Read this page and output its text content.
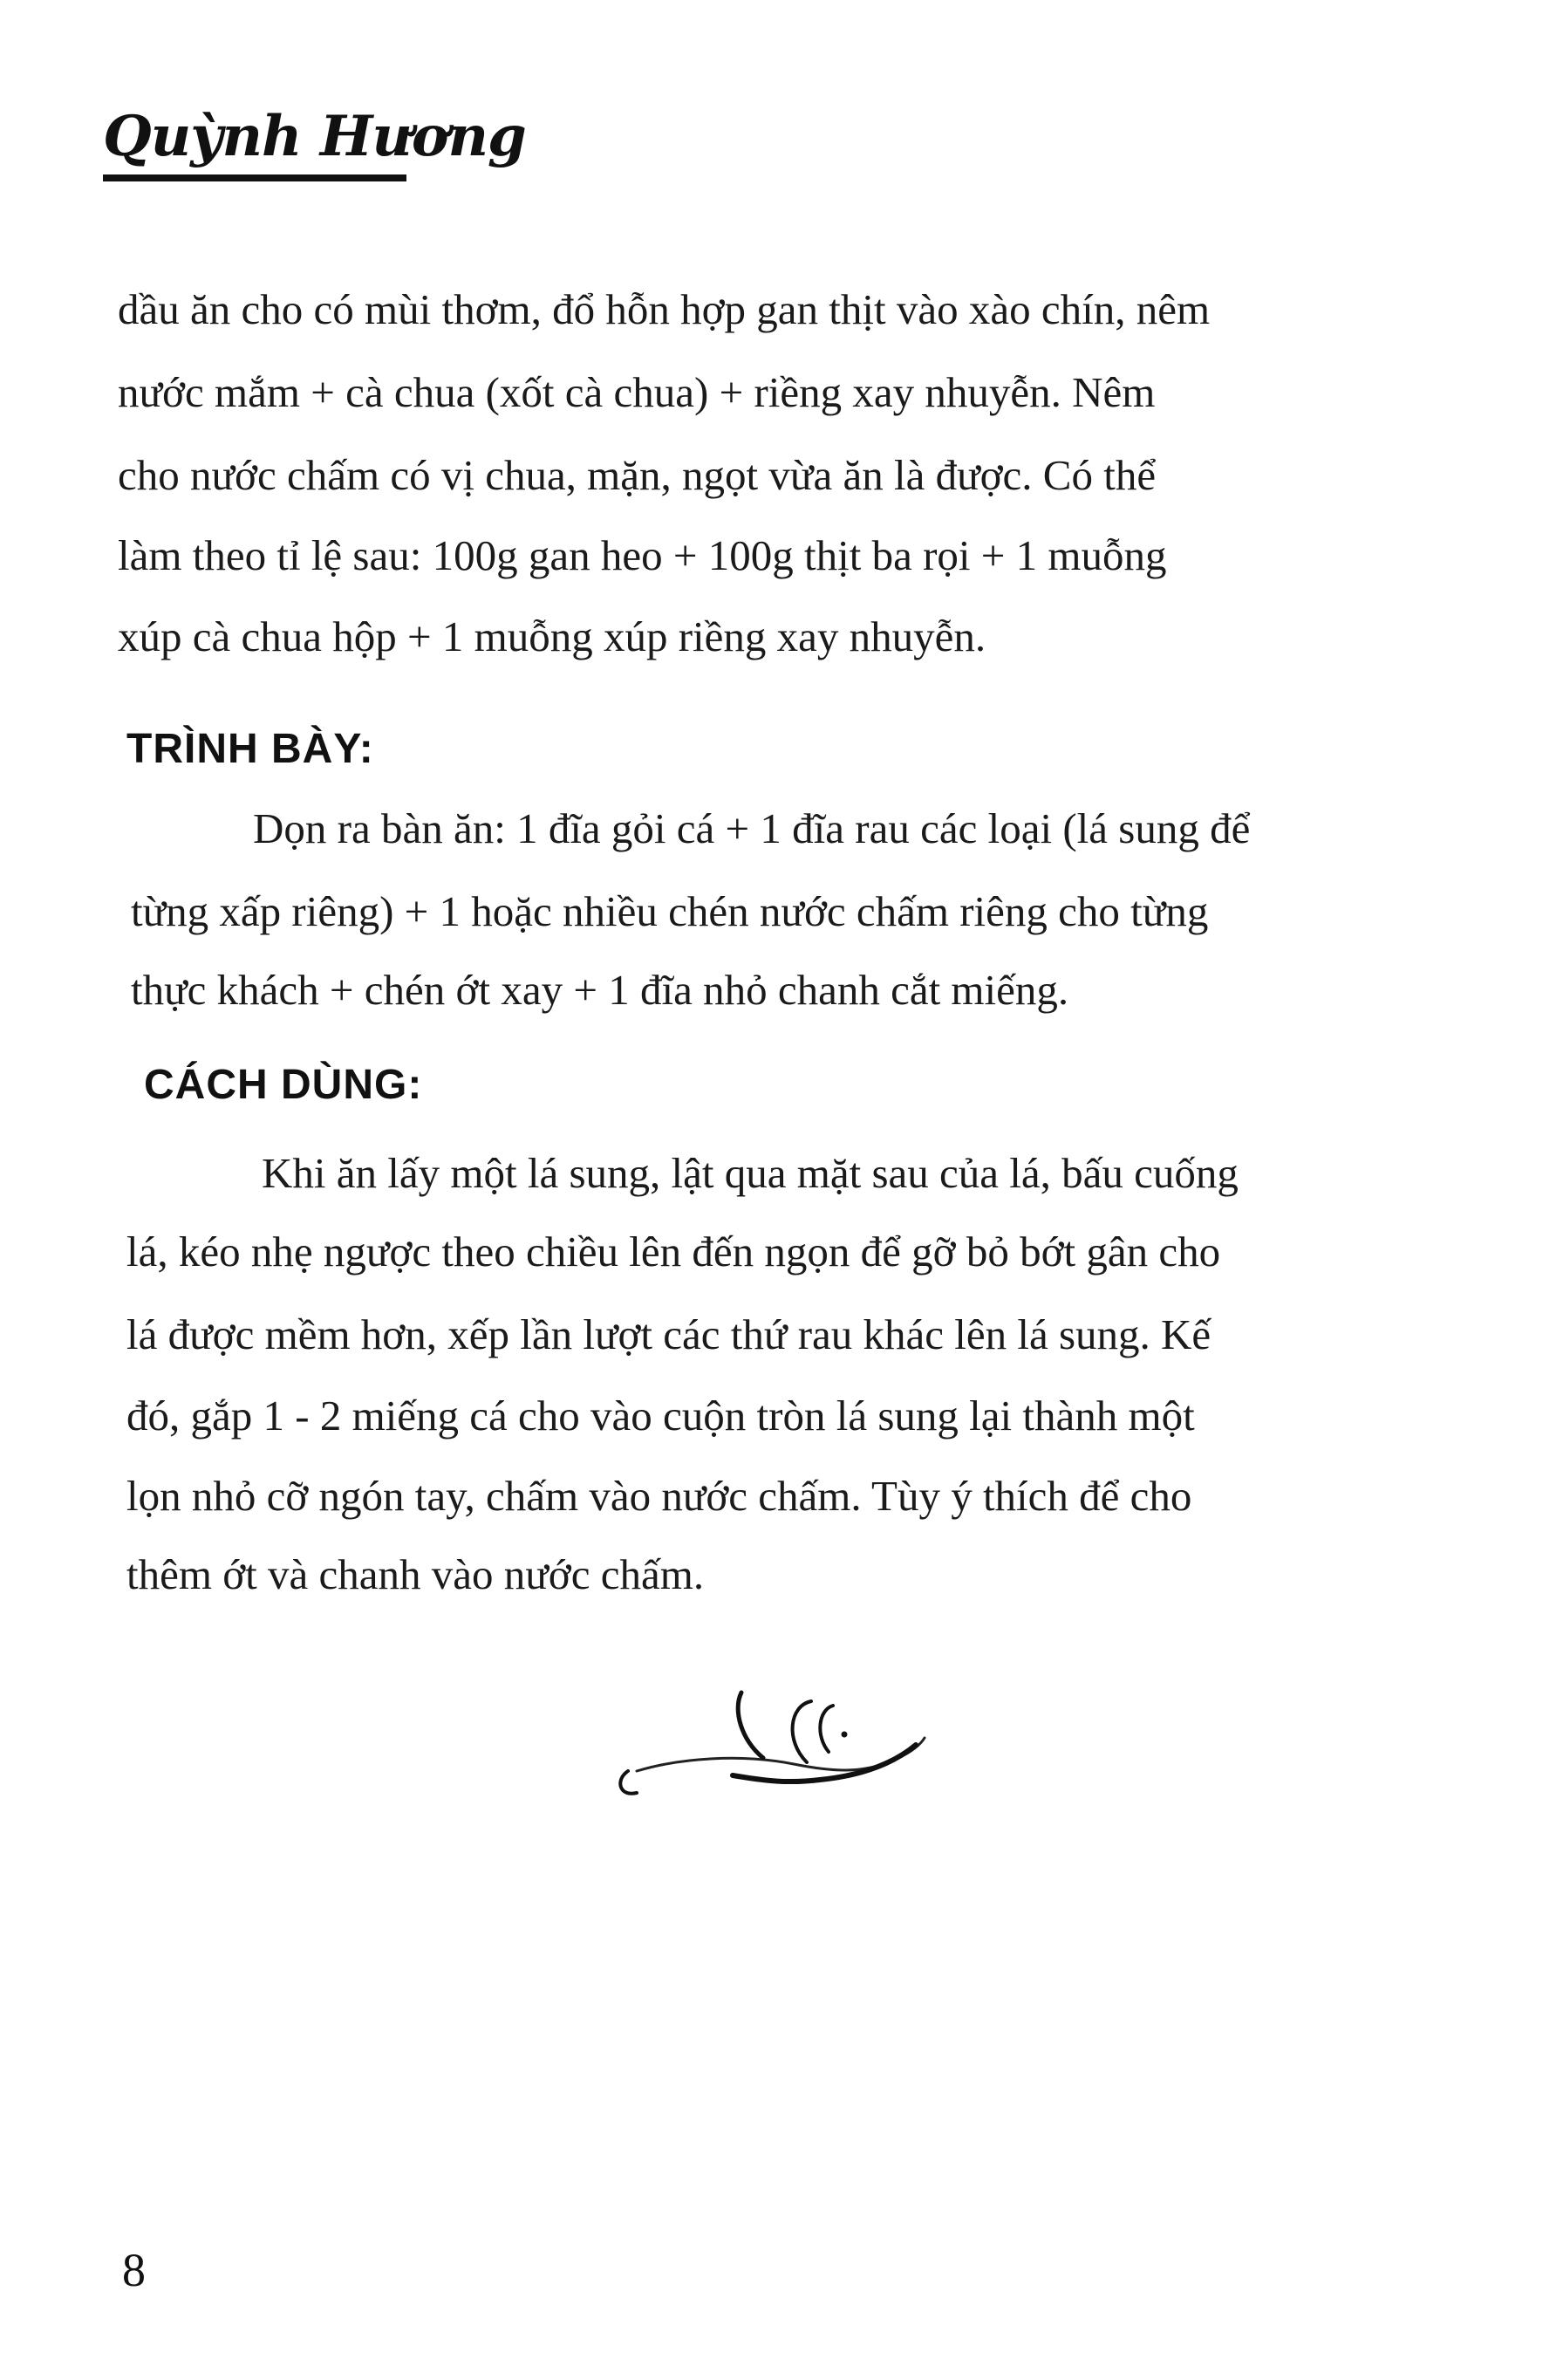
Quỳnh Hương
dầu ăn cho có mùi thơm, đổ hỗn hợp gan thịt vào xào chín, nêm
nước mắm + cà chua (xốt cà chua) + riềng xay nhuyễn. Nêm
cho nước chấm có vị chua, mặn, ngọt vừa ăn là được. Có thể
làm theo tỉ lệ sau: 100g gan heo + 100g thịt ba rọi + 1 muỗng
xúp cà chua hộp + 1 muỗng xúp riềng xay nhuyễn.
TRÌNH BÀY:
Dọn ra bàn ăn: 1 đĩa gỏi cá + 1 đĩa rau các loại (lá sung để
từng xấp riêng) + 1 hoặc nhiều chén nước chấm riêng cho từng
thực khách + chén ớt xay + 1 đĩa nhỏ chanh cắt miếng.
CÁCH DÙNG:
Khi ăn lấy một lá sung, lật qua mặt sau của lá, bấu cuống
lá, kéo nhẹ ngược theo chiều lên đến ngọn để gỡ bỏ bớt gân cho
lá được mềm hơn, xếp lần lượt các thứ rau khác lên lá sung. Kế
đó, gắp 1 - 2 miếng cá cho vào cuộn tròn lá sung lại thành một
lọn nhỏ cỡ ngón tay, chấm vào nước chấm. Tùy ý thích để cho
thêm ớt và chanh vào nước chấm.
8
